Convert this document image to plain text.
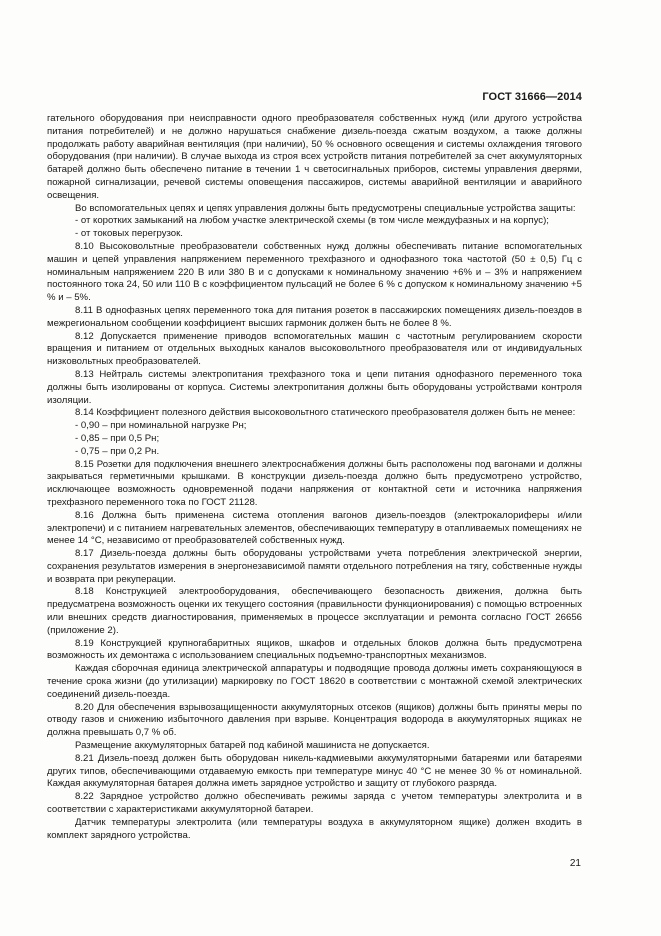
ГОСТ 31666—2014

гательного оборудования при неисправности одного преобразователя собственных нужд (или другого устройства питания потребителей) и не должно нарушаться снабжение дизель-поезда сжатым воздухом, а также должны продолжать работу аварийная вентиляция (при наличии), 50 % основного освещения и системы охлаждения тягового оборудования (при наличии). В случае выхода из строя всех устройств питания потребителей за счет аккумуляторных батарей должно быть обеспечено питание в течении 1 ч светосигнальных приборов, системы управления дверями, пожарной сигнализации, речевой системы оповещения пассажиров, системы аварийной вентиляции и аварийного освещения.

Во вспомогательных цепях и цепях управления должны быть предусмотрены специальные устройства защиты:

- от коротких замыканий на любом участке электрической схемы (в том числе междуфазных и на корпус);

- от токовых перегрузок.

8.10 Высоковольтные преобразователи собственных нужд должны обеспечивать питание вспомогательных машин и цепей управления напряжением переменного трехфазного и однофазного тока частотой (50 ± 0,5) Гц с номинальным напряжением 220 В или 380 В и с допусками к номинальному значению +6% и – 3% и напряжением постоянного тока 24, 50 или 110 В с коэффициентом пульсаций не более 6 % с допуском к номинальному значению +5 % и – 5%.

8.11 В однофазных цепях переменного тока для питания розеток в пассажирских помещениях дизель-поездов в межрегиональном сообщении коэффициент высших гармоник должен быть не более 8 %.

8.12 Допускается применение приводов вспомогательных машин с частотным регулированием скорости вращения и питанием от отдельных выходных каналов высоковольтного преобразователя или от индивидуальных низковольтных преобразователей.

8.13 Нейтраль системы электропитания трехфазного тока и цепи питания однофазного переменного тока должны быть изолированы от корпуса. Системы электропитания должны быть оборудованы устройствами контроля изоляции.

8.14 Коэффициент полезного действия высоковольтного статического преобразователя должен быть не менее:

- 0,90 – при номинальной нагрузке Pн;

- 0,85 – при 0,5 Pн;

- 0,75 – при 0,2 Pн.

8.15 Розетки для подключения внешнего электроснабжения должны быть расположены под вагонами и должны закрываться герметичными крышками. В конструкции дизель-поезда должно быть предусмотрено устройство, исключающее возможность одновременной подачи напряжения от контактной сети и источника напряжения трехфазного переменного тока по ГОСТ 21128.

8.16 Должна быть применена система отопления вагонов дизель-поездов (электрокалориферы и/или электропечи) и с питанием нагревательных элементов, обеспечивающих температуру в отапливаемых помещениях не менее 14 °С, независимо от преобразователей собственных нужд.

8.17 Дизель-поезда должны быть оборудованы устройствами учета потребления электрической энергии, сохранения результатов измерения в энергонезависимой памяти отдельного потребления на тягу, собственные нужды и возврата при рекуперации.

8.18 Конструкцией электрооборудования, обеспечивающего безопасность движения, должна быть предусматрена возможность оценки их текущего состояния (правильности функционирования) с помощью встроенных или внешних средств диагностирования, применяемых в процессе эксплуатации и ремонта согласно ГОСТ 26656 (приложение 2).

8.19 Конструкцией крупногабаритных ящиков, шкафов и отдельных блоков должна быть предусмотрена возможность их демонтажа с использованием специальных подъемно-транспортных механизмов.

Каждая сборочная единица электрической аппаратуры и подводящие провода должны иметь сохраняющуюся в течение срока жизни (до утилизации) маркировку по ГОСТ 18620 в соответствии с монтажной схемой электрических соединений дизель-поезда.

8.20 Для обеспечения взрывозащищенности аккумуляторных отсеков (ящиков) должны быть приняты меры по отводу газов и снижению избыточного давления при взрыве. Концентрация водорода в аккумуляторных ящиках не должна превышать 0,7 % об.

Размещение аккумуляторных батарей под кабиной машиниста не допускается.

8.21 Дизель-поезд должен быть оборудован никель-кадмиевыми аккумуляторными батареями или батареями других типов, обеспечивающими отдаваемую емкость при температуре минус 40 °С не менее 30 % от номинальной. Каждая аккумуляторная батарея должна иметь зарядное устройство и защиту от глубокого разряда.

8.22 Зарядное устройство должно обеспечивать режимы заряда с учетом температуры электролита и в соответствии с характеристиками аккумуляторной батареи.

Датчик температуры электролита (или температуры воздуха в аккумуляторном ящике) должен входить в комплект зарядного устройства.

21
